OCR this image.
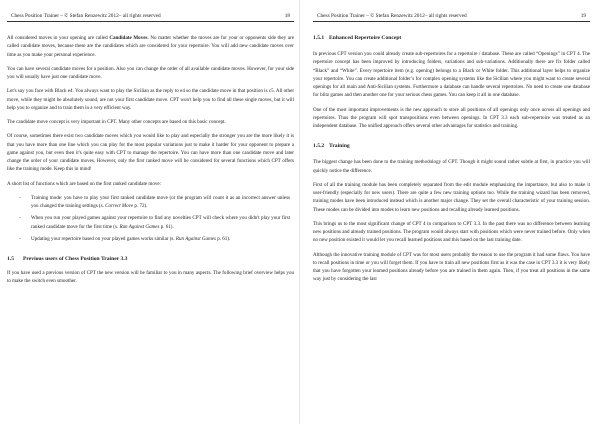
Chess Position Trainer – © Stefan Renzewitz 2012– all rights reserved	18

All considered moves in your opening are called Candidate Moves. No matter whether the moves are for your or opponents side they are called candidate moves, because these are the candidates which are considered for your repertoire. You will add new candidate moves over time as you make your personal experience.

You can have several candidate moves for a position. Also you can change the order of all available candidate moves. However, for your side you will usually have just one candidate move.

Let's say you face with Black e4. You always want to play the Sicilian as the reply to e4 so the candidate move in that position is c5. All other move, while they might be absolutely sound, are not your first candidate move. CPT won't help you to find all these single moves, but it will help you to organize and to train them in a very efficient way.

The candidate move concept is very important in CPT. Many other concepts are based on this basic concept.

Of course, sometimes there exist two candidate moves which you would like to play and especially the stronger you are the more likely it is that you have more than one line which you can play for the most popular variations just to make it harder for your opponent to prepare a game against you, but even then it's quite easy with CPT to manage the repertoire. You can have more than one candidate move and later change the order of your candidate moves. However, only the first ranked move will be considered for several functions which CPT offers like the training mode. Keep this in mind!

A short list of functions which are based on the first ranked candidate move:

- Training mode: you have to play your first ranked candidate move (or the program will count it as an incorrect answer unless you changed the training settings (s. Correct Move p. 72).
- When you run your played games against your repertoire to find any novelties CPT will check where you didn't play your first ranked candidate move for the first time (s. Run Against Games p. 61).
- Updating your repertoire based on your played games works similar (s. Run Against Games p. 61).
1.5 Previous users of Chess Position Trainer 3.3

If you have used a previous version of CPT the new version will be familiar to you in many aspects. The following brief overview helps you to make the switch even smoother.

Chess Position Trainer – © Stefan Renzewitz 2012– all rights reserved	19
1.5.1 Enhanced Repertoire Concept

In previous CPT version you could already create sub-repertoires for a repertoire / database. These are called “Openings” in CPT 4. The repertoire concept has been improved by introducing folders, variations and sub-variations. Additionally there are fix folder called “Black” and “White”. Every repertoire item (e.g. opening) belongs to a Black or White folder. This additional layer helps to organize your repertoire. You can create additional folder’s for complex opening systems like the Sicilian where you might want to create several openings for all main and Anti-Sicilian systems. Furthermore a database can handle several repertoires. No need to create one database for blitz games and then another one for your serious chess games. You can keep it all in one database.

One of the most important improvements is the new approach to store all positions of all openings only once across all openings and repertoires. Thus the program will spot transpositions even between openings. In CPT 3.3 each sub-repertoire was treated as an independent database. The unified approach offers several other advantages for statistics and training.

1.5.2 Training

The biggest change has been done to the training methodology of CPT. Though it might sound rather subtle at first, in practice you will quickly notice the difference.

First of all the training module has been completely separated from the edit module emphasizing the importance, but also to make it user-friendly (especially for new users). There are quite a few new training options too. While the training wizard has been removed, training modes have been introduced instead which is another major change. They set the overall characteristic of your training session. These modes can be divided into modes to learn new positions and recalling already learned positions.

This brings us to the most significant change of CPT 4 in comparison to CPT 3.3. In the past there was no difference between learning new positions and already trained positions. The program would always start with positions which were never trained before. Only when no new position existed it would let you recall learned positions and this based on the last training date.

Although the innovative training module of CPT was for most users probably the reason to use the program it had some flaws. You have to recall positions in time or you will forget them. If you have to train all new positions first as it was the case in CPT 3.3 it is very likely that you have forgotten your learned positions already before you are trained in them again. Then, if you treat all positions in the same way just by considering the last
